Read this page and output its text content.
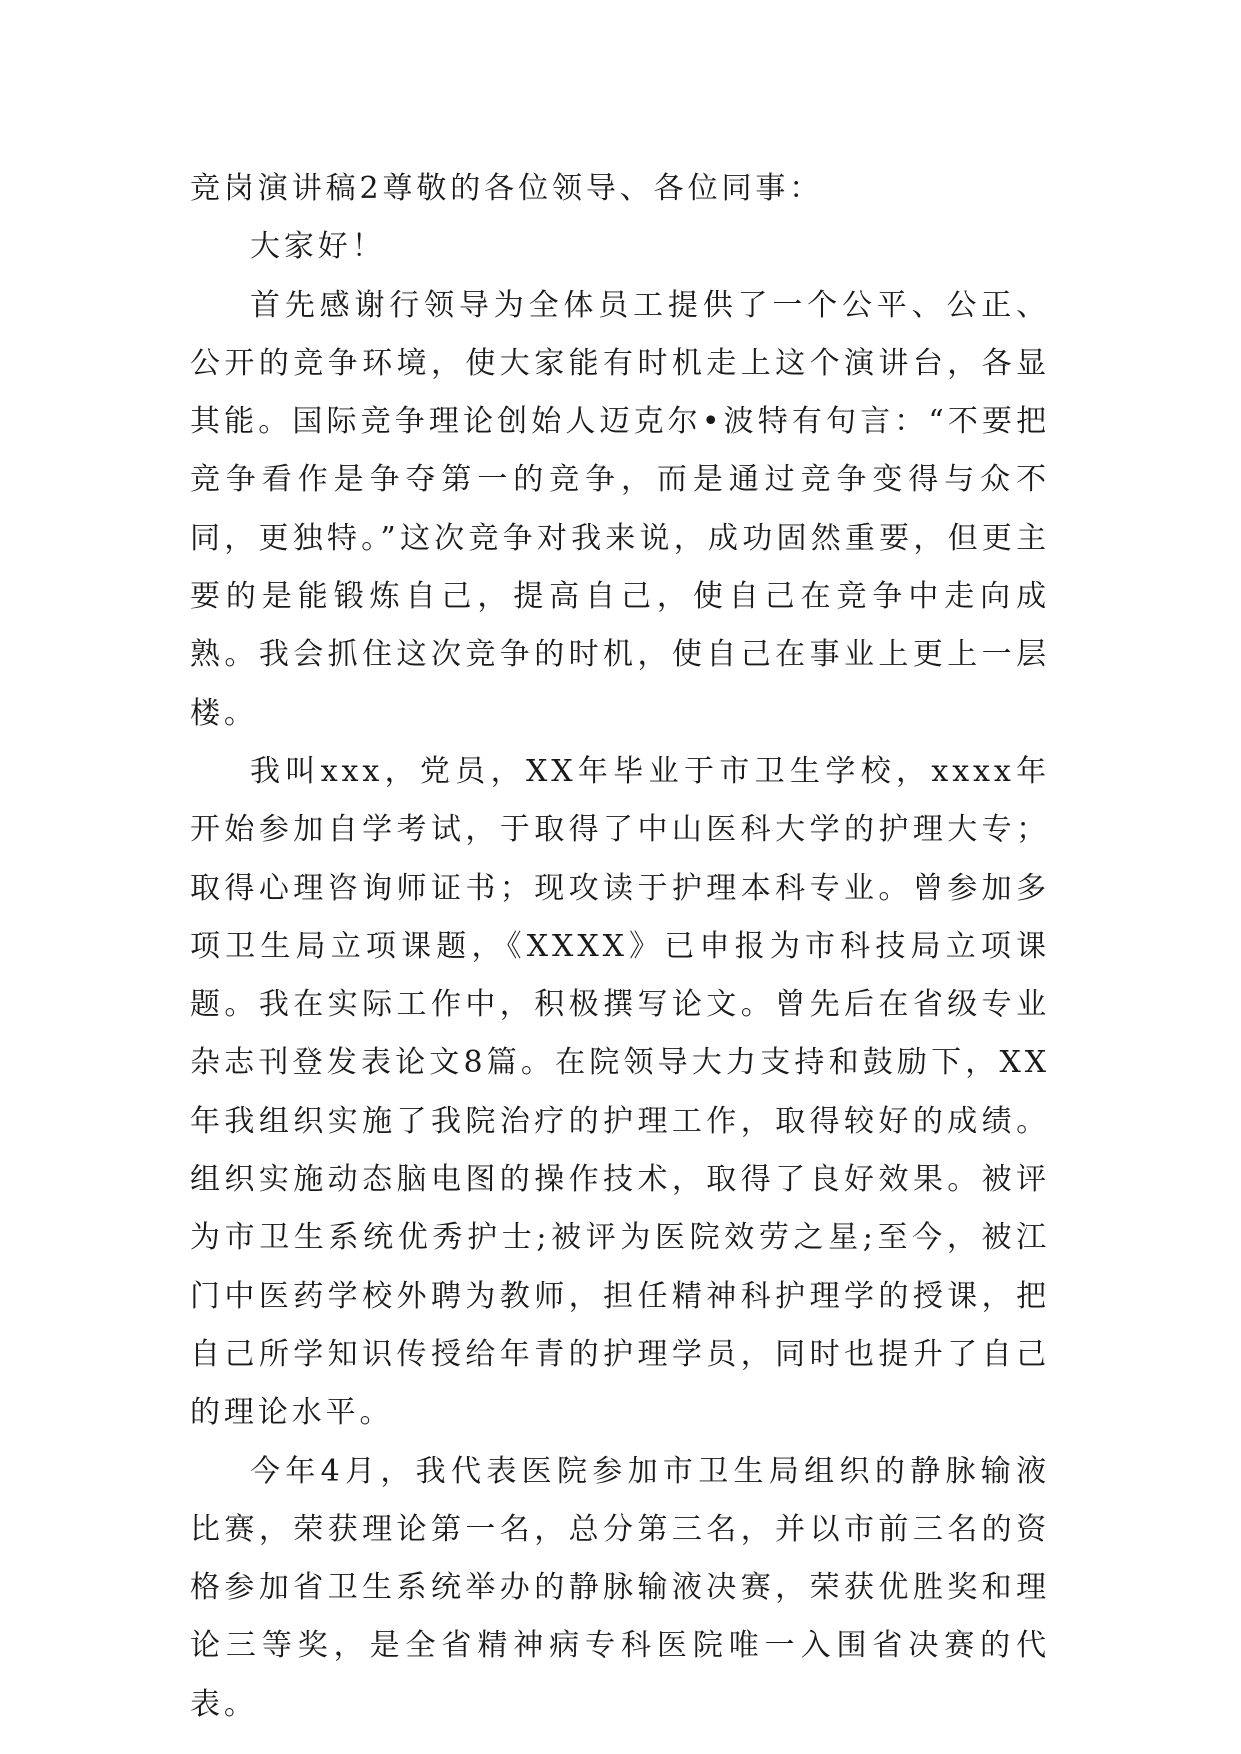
竞岗演讲稿2尊敬的各位领导、各位同事：

大家好！

首先感谢行领导为全体员工提供了一个公平、公正、公开的竞争环境，使大家能有时机走上这个演讲台，各显其能。国际竞争理论创始人迈克尔•波特有句言：“不要把竞争看作是争夺第一的竞争，而是通过竞争变得与众不同，更独特。”这次竞争对我来说，成功固然重要，但更主要的是能锻炼自己，提高自己，使自己在竞争中走向成熟。我会抓住这次竞争的时机，使自己在事业上更上一层楼。

我叫xxx，党员，XX年毕业于市卫生学校，xxxx年开始参加自学考试，于取得了中山医科大学的护理大专；取得心理咨询师证书；现攻读于护理本科专业。曾参加多项卫生局立项课题，《XXXX》已申报为市科技局立项课题。我在实际工作中，积极撰写论文。曾先后在省级专业杂志刊登发表论文8篇。在院领导大力支持和鼓励下，XX年我组织实施了我院治疗的护理工作，取得较好的成绩。组织实施动态脑电图的操作技术，取得了良好效果。被评为市卫生系统优秀护士;被评为医院效劳之星;至今，被江门中医药学校外聘为教师，担任精神科护理学的授课，把自己所学知识传授给年青的护理学员，同时也提升了自己的理论水平。

今年4月，我代表医院参加市卫生局组织的静脉输液比赛，荣获理论第一名，总分第三名，并以市前三名的资格参加省卫生系统举办的静脉输液决赛，荣获优胜奖和理论三等奖，是全省精神病专科医院唯一入围省决赛的代表。
